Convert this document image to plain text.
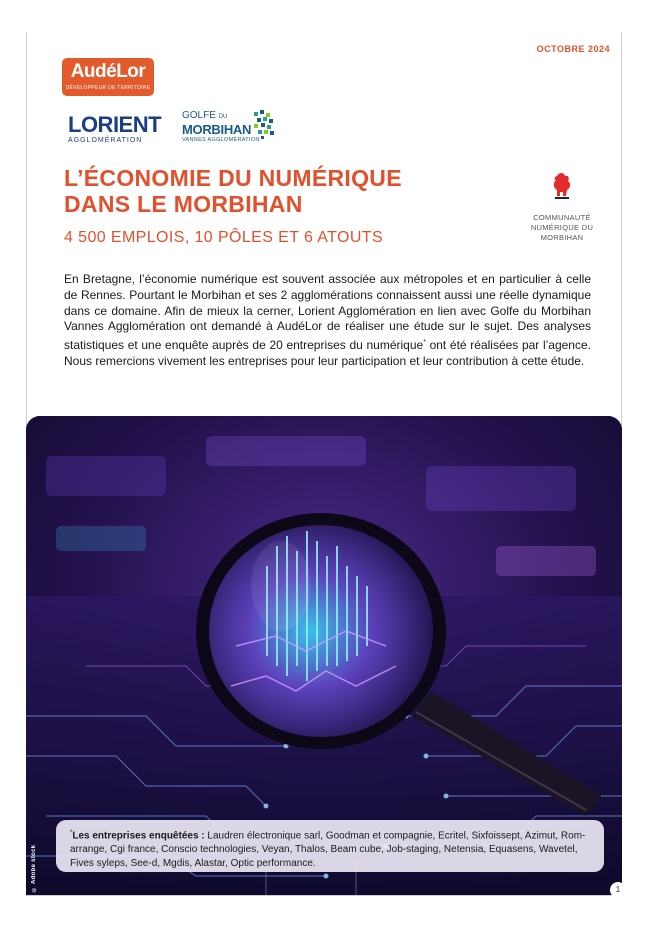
OCTOBRE 2024
AudéLor
DÉVELOPPEUR DE TERRITOIRE
LORIENT
AGGLOMÉRATION
GOLFE DU
MORBIHAN
VANNES AGGLOMÉRATION
L’ÉCONOMIE DU NUMÉRIQUE
DANS LE MORBIHAN
4 500 EMPLOIS, 10 PÔLES ET 6 ATOUTS
COMMUNAUTÉ NUMÉRIQUE DU MORBIHAN
En Bretagne, l’économie numérique est souvent associée aux métropoles et en particulier à celle de Rennes. Pourtant le Morbihan et ses 2 agglomérations connaissent aussi une réelle dynamique dans ce domaine. Afin de mieux la cerner, Lorient Agglomération en lien avec Golfe du Morbihan Vannes Agglomération ont demandé à AudéLor de réaliser une étude sur le sujet. Des analyses statistiques et une enquête auprès de 20 entreprises du numérique* ont été réalisées par l’agence. Nous remercions vivement les entreprises pour leur participation et leur contribution à cette étude.
© Adobe stock
*Les entreprises enquêtées : Laudren électronique sarl, Goodman et compagnie, Ecritel, Sixfoissept, Azimut, Rom-arrange, Cgi france, Conscio technologies, Veyan, Thalos, Beam cube, Job-staging, Netensia, Equasens, Wavetel, Fives syleps, See-d, Mgdis, Alastar, Optic performance.
1
